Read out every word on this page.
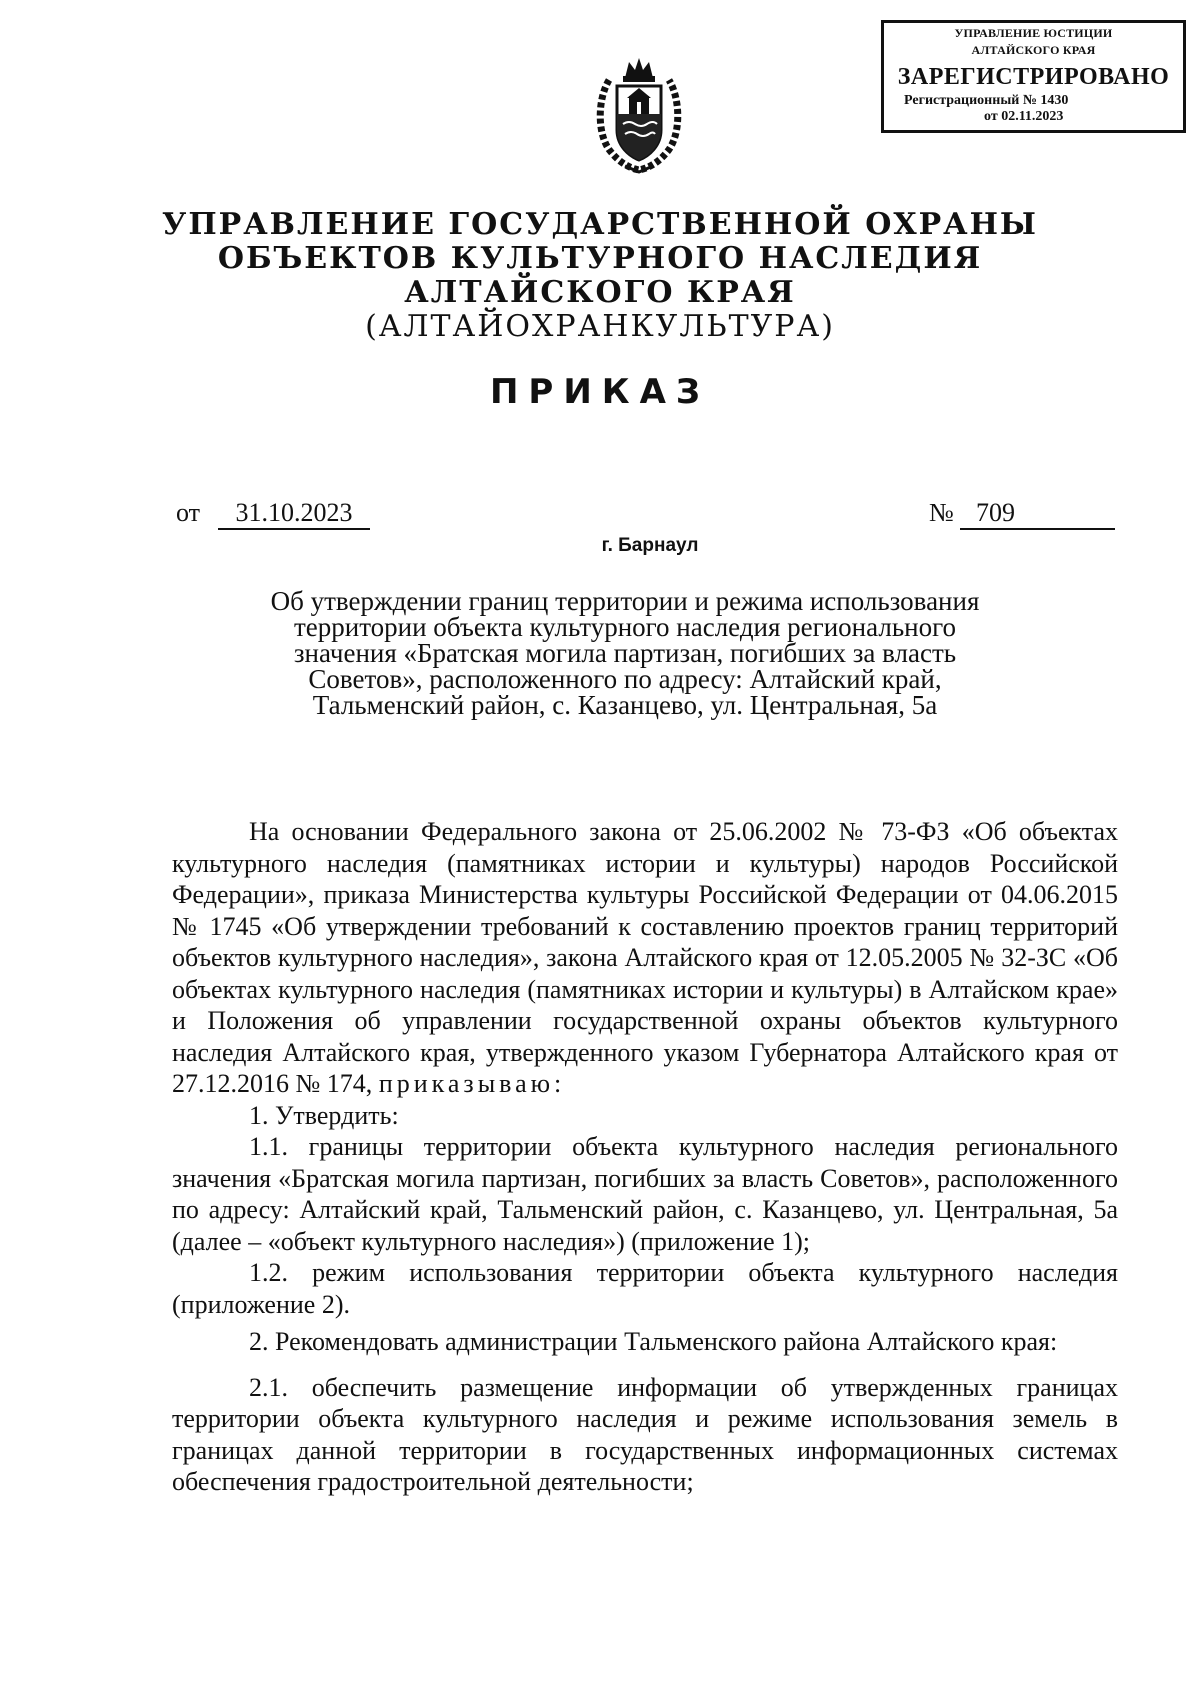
УПРАВЛЕНИЕ ЮСТИЦИИ
АЛТАЙСКОГО КРАЯ
ЗАРЕГИСТРИРОВАНО
Регистрационный № 1430
от 02.11.2023
УПРАВЛЕНИЕ ГОСУДАРСТВЕННОЙ ОХРАНЫ
ОБЪЕКТОВ КУЛЬТУРНОГО НАСЛЕДИЯ
АЛТАЙСКОГО КРАЯ
(АЛТАЙОХРАНКУЛЬТУРА)
ПРИКАЗ
от	31.10.2023	№ 709
г. Барнаул
Об утверждении границ территории и режима использования
территории объекта культурного наследия регионального
значения «Братская могила партизан, погибших за власть
Советов», расположенного по адресу: Алтайский край,
Тальменский район, с. Казанцево, ул. Центральная, 5а

На основании Федерального закона от 25.06.2002 № 73-ФЗ «Об объектах культурного наследия (памятниках истории и культуры) народов Российской Федерации», приказа Министерства культуры Российской Федерации от 04.06.2015 № 1745 «Об утверждении требований к составлению проектов границ территорий объектов культурного наследия», закона Алтайского края от 12.05.2005 № 32-ЗС «Об объектах культурного наследия (памятниках истории и культуры) в Алтайском крае» и Положения об управлении государственной охраны объектов культурного наследия Алтайского края, утвержденного указом Губернатора Алтайского края от 27.12.2016 № 174, приказываю:

1. Утвердить:

1.1. границы территории объекта культурного наследия регионального значения «Братская могила партизан, погибших за власть Советов», расположенного по адресу: Алтайский край, Тальменский район, с. Казанцево, ул. Центральная, 5а (далее – «объект культурного наследия») (приложение 1);

1.2. режим использования территории объекта культурного наследия (приложение 2).

2. Рекомендовать администрации Тальменского района Алтайского края:

2.1. обеспечить размещение информации об утвержденных границах территории объекта культурного наследия и режиме использования земель в границах данной территории в государственных информационных системах обеспечения градостроительной деятельности;
